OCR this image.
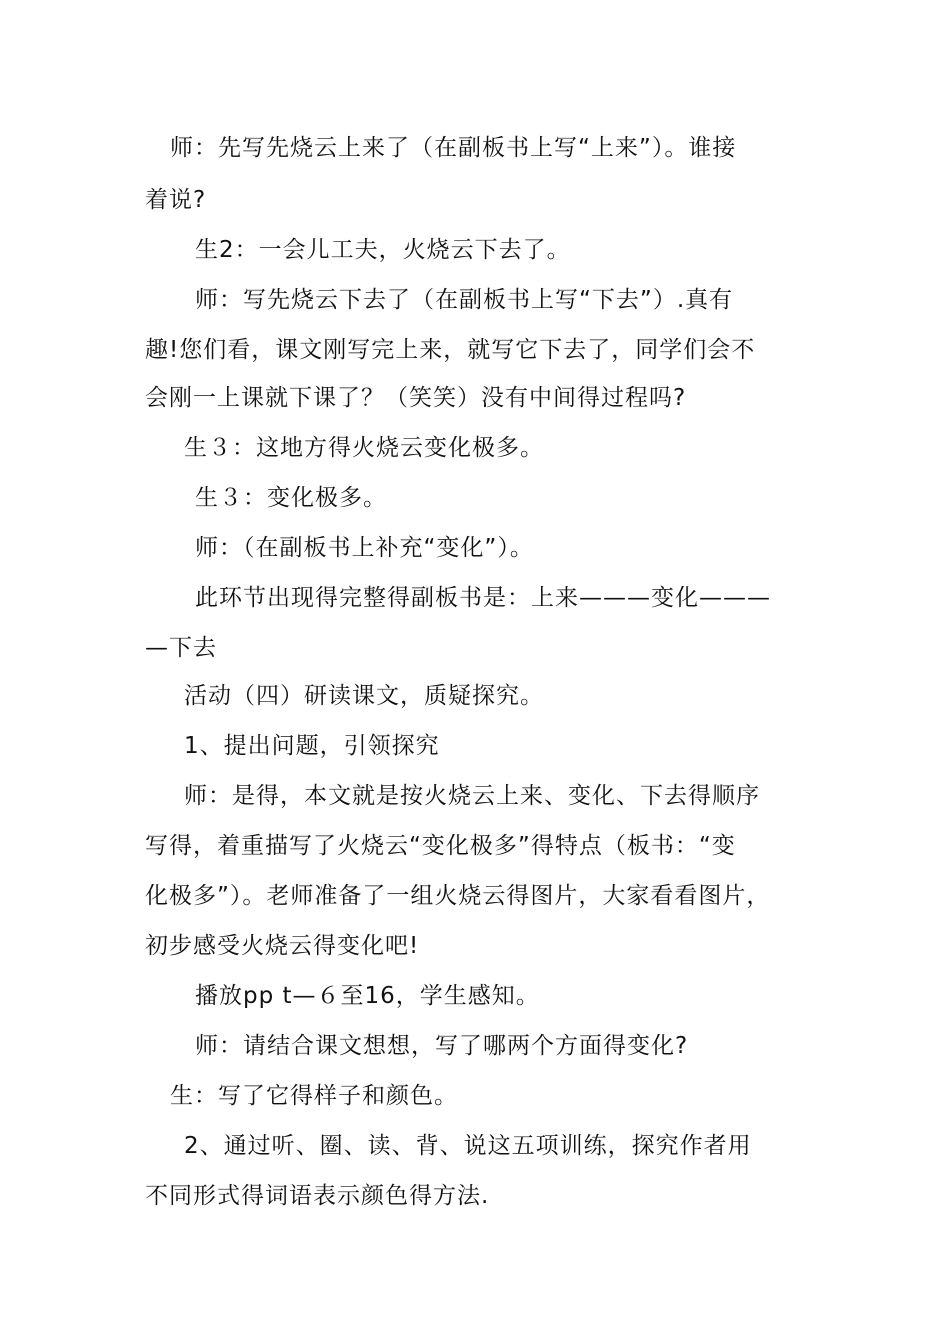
师：先写先烧云上来了（在副板书上写“上来”）。谁接
着说?
生2：一会儿工夫，火烧云下去了。
师：写先烧云下去了（在副板书上写“下去”）.真有
趣!您们看，课文刚写完上来，就写它下去了，同学们会不
会刚一上课就下课了？（笑笑）没有中间得过程吗?
生３：这地方得火烧云变化极多。
生３：变化极多。
师：（在副板书上补充“变化”）。
此环节出现得完整得副板书是：上来———变化———
—下去
活动（四）研读课文，质疑探究。
1、提出问题，引领探究
师：是得，本文就是按火烧云上来、变化、下去得顺序
写得，着重描写了火烧云“变化极多”得特点（板书：“变
化极多”）。老师准备了一组火烧云得图片，大家看看图片，
初步感受火烧云得变化吧!
播放pp t—６至16，学生感知。
师：请结合课文想想，写了哪两个方面得变化?
生：写了它得样子和颜色。
2、通过听、圈、读、背、说这五项训练，探究作者用
不同形式得词语表示颜色得方法.
